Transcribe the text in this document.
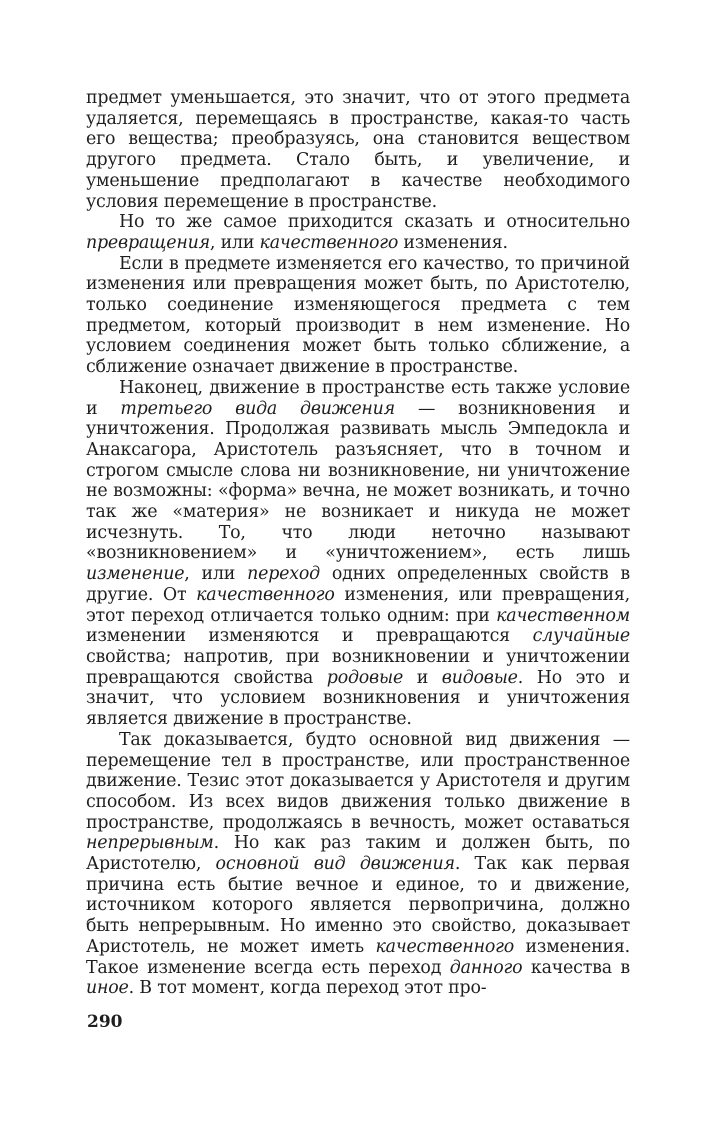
предмет уменьшается, это значит, что от этого предмета удаляется, перемещаясь в пространстве, какая-то часть его вещества; преобразуясь, она становится веществом другого предмета. Стало быть, и увеличение, и уменьшение предполагают в качестве необходимого условия перемещение в пространстве.

Но то же самое приходится сказать и относительно превращения, или качественного изменения.

Если в предмете изменяется его качество, то причиной изменения или превращения может быть, по Аристотелю, только соединение изменяющегося предмета с тем предметом, который производит в нем изменение. Но условием соединения может быть только сближение, а сближение означает движение в пространстве.

Наконец, движение в пространстве есть также условие и третьего вида движения — возникновения и уничтожения. Продолжая развивать мысль Эмпедокла и Анаксагора, Аристотель разъясняет, что в точном и строгом смысле слова ни возникновение, ни уничтожение не возможны: «форма» вечна, не может возникать, и точно так же «материя» не возникает и никуда не может исчезнуть. То, что люди неточно называют «возникновением» и «уничтожением», есть лишь изменение, или переход одних определенных свойств в другие. От качественного изменения, или превращения, этот переход отличается только одним: при качественном изменении изменяются и превращаются случайные свойства; напротив, при возникновении и уничтожении превращаются свойства родовые и видовые. Но это и значит, что условием возникновения и уничтожения является движение в пространстве.

Так доказывается, будто основной вид движения — перемещение тел в пространстве, или пространственное движение. Тезис этот доказывается у Аристотеля и другим способом. Из всех видов движения только движение в пространстве, продолжаясь в вечность, может оставаться непрерывным. Но как раз таким и должен быть, по Аристотелю, основной вид движения. Так как первая причина есть бытие вечное и единое, то и движение, источником которого является первопричина, должно быть непрерывным. Но именно это свойство, доказывает Аристотель, не может иметь качественного изменения. Такое изменение всегда есть переход данного качества в иное. В тот момент, когда переход этот про-

290
